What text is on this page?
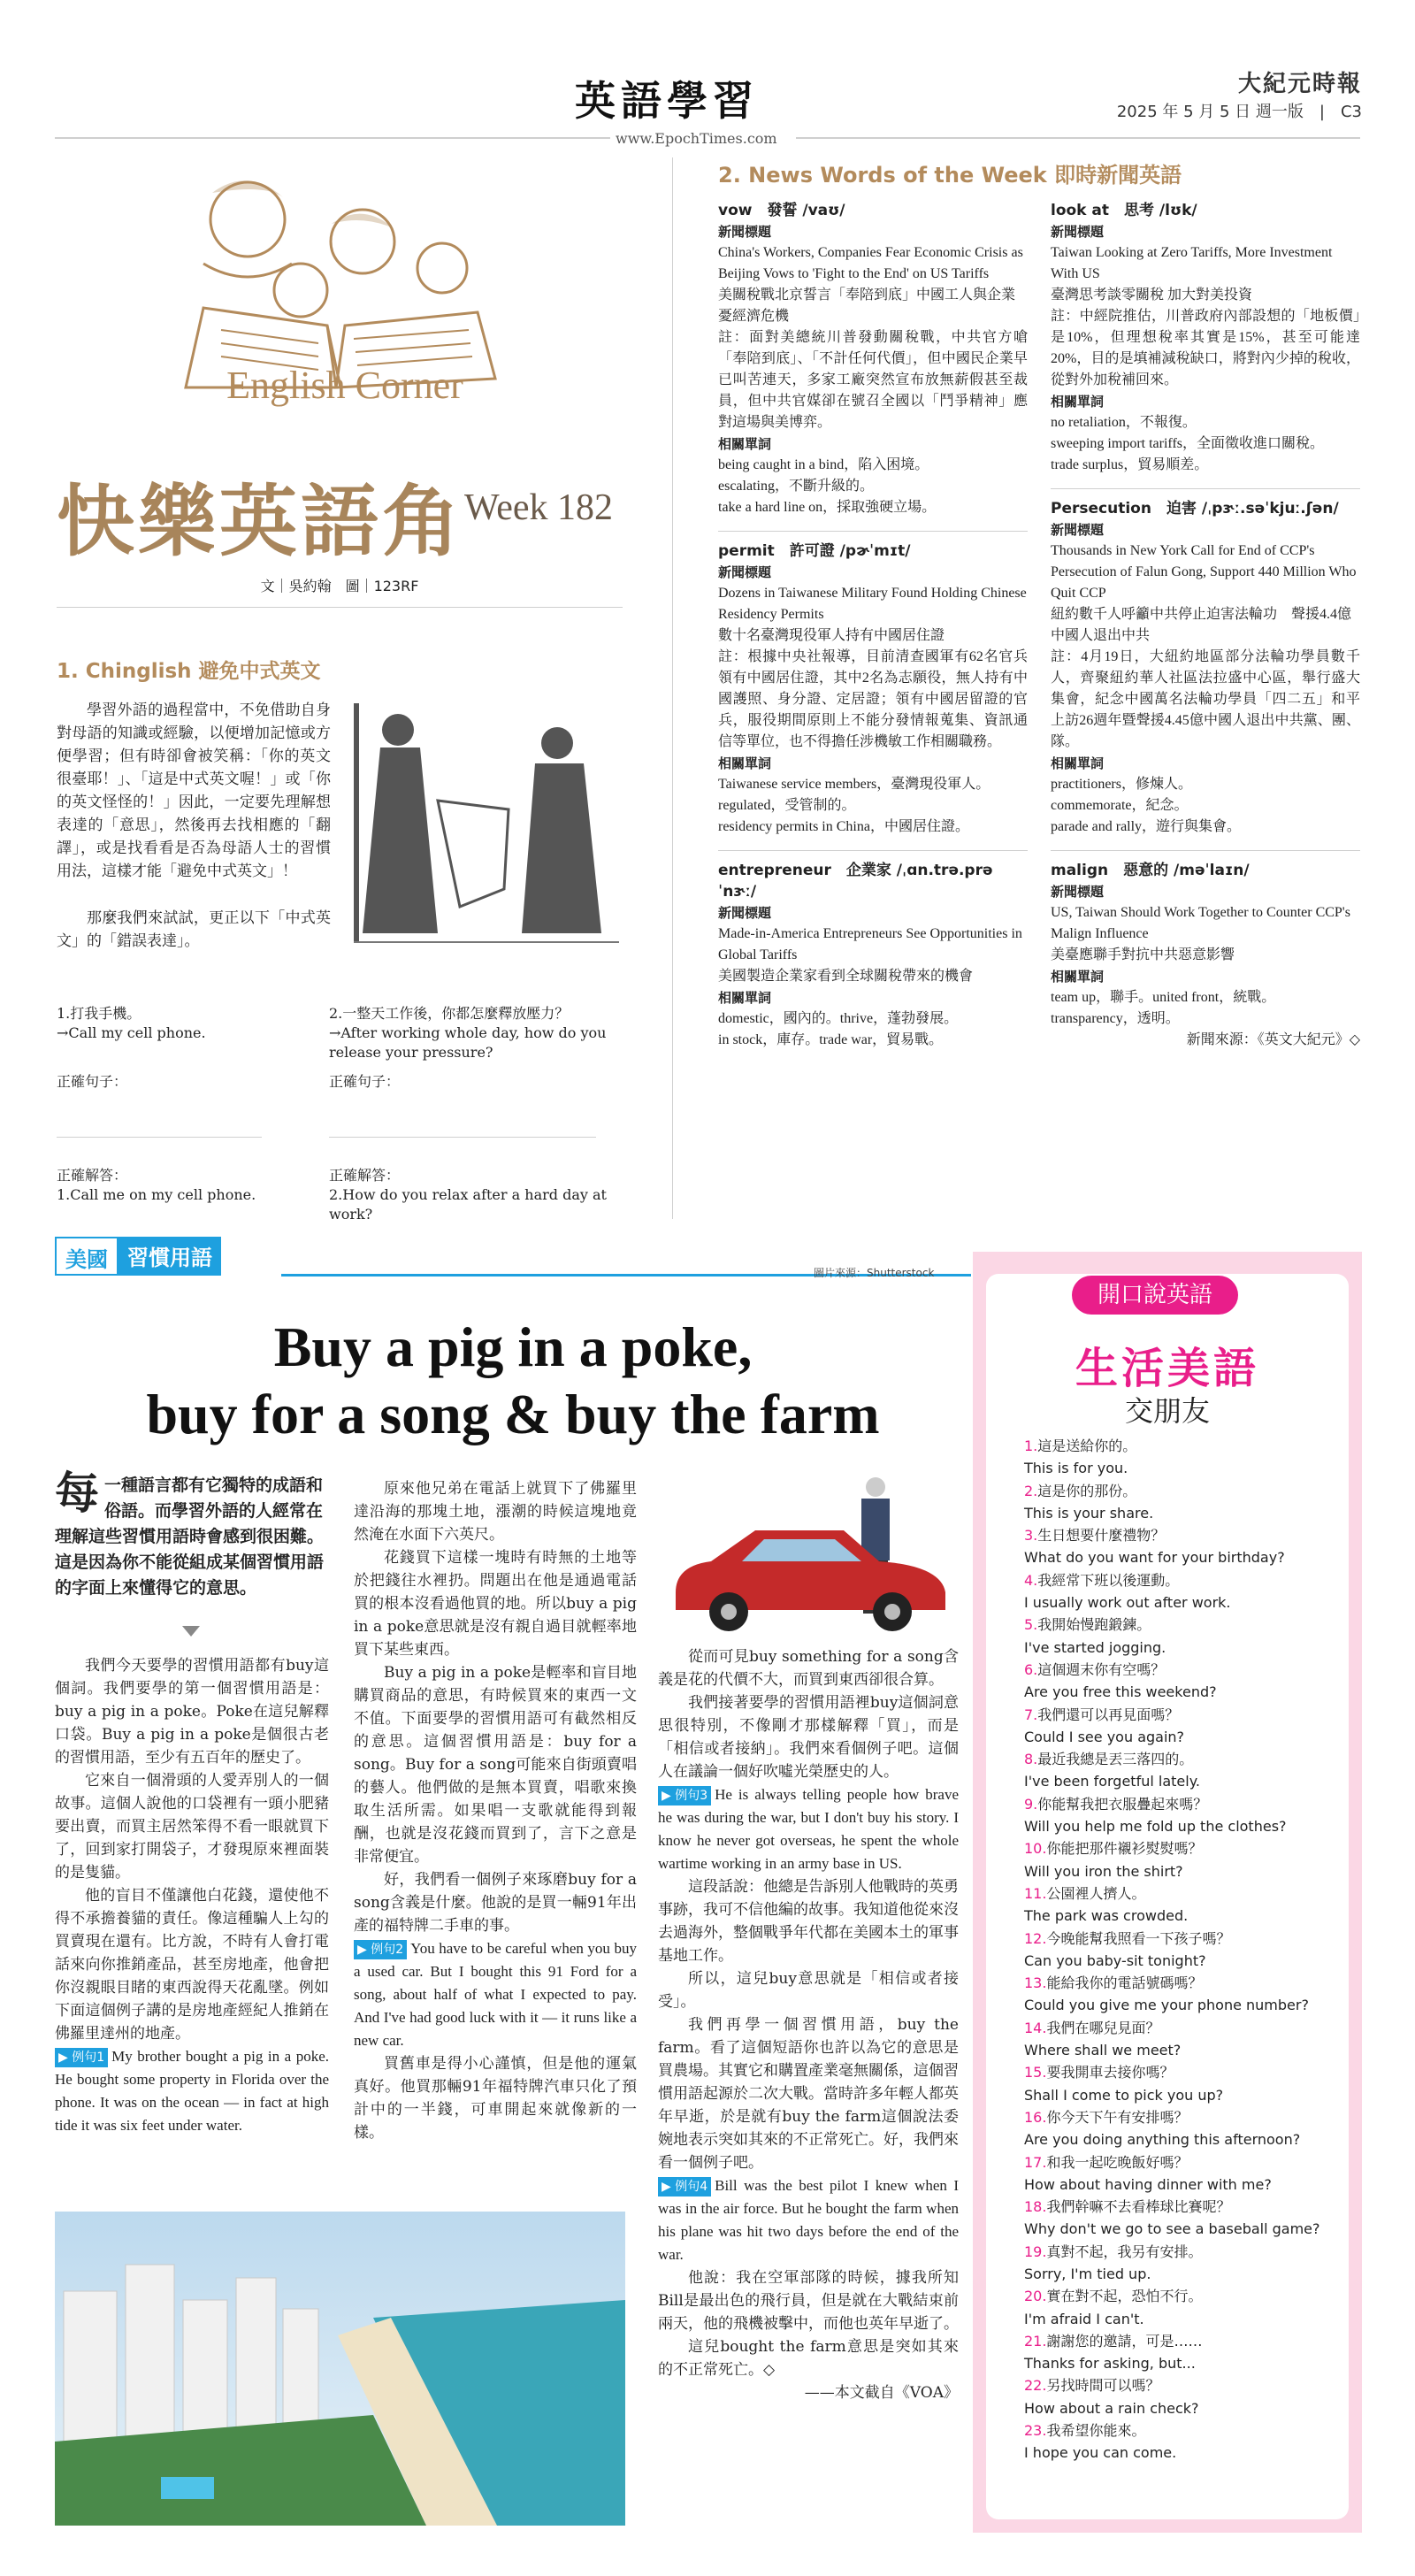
英語學習
www.EpochTimes.com
大紀元時報
2025 年 5 月 5 日 週一版　|　C3
English Corner
快樂英語角 Week 182
文｜吳約翰　圖｜123RF
1. Chinglish 避免中式英文
學習外語的過程當中，不免借助自身對母語的知識或經驗，以便增加記憶或方便學習；但有時卻會被笑稱：「你的英文很臺耶！」、「這是中式英文喔！」或「你的英文怪怪的！」因此，一定要先理解想表達的「意思」，然後再去找相應的「翻譯」，或是找看看是否為母語人士的習慣用法，這樣才能「避免中式英文」！
那麼我們來試試，更正以下「中式英文」的「錯誤表達」。
1.打我手機。
→Call my cell phone.
2.一整天工作後，你都怎麼釋放壓力？
→After working whole day, how do you release your pressure?
正確句子：	正確句子：
正確解答：
1.Call me on my cell phone.
正確解答：
2.How do you relax after a hard day at work?
2. News Words of the Week 即時新聞英語
vow　發誓 /vaʊ/
新聞標題
China's Workers, Companies Fear Economic Crisis as Beijing Vows to 'Fight to the End' on US Tariffs
美關稅戰北京誓言「奉陪到底」中國工人與企業憂經濟危機
註：面對美總統川普發動關稅戰，中共官方嗆「奉陪到底」、「不計任何代價」，但中國民企業早已叫苦連天，多家工廠突然宣布放無薪假甚至裁員，但中共官媒卻在號召全國以「鬥爭精神」應對這場與美博弈。
相關單詞
being caught in a bind，陷入困境。
escalating，不斷升級的。
take a hard line on，採取強硬立場。
permit　許可證 /pɚˈmɪt/
新聞標題
Dozens in Taiwanese Military Found Holding Chinese Residency Permits
數十名臺灣現役軍人持有中國居住證
註：根據中央社報導，目前清查國軍有62名官兵領有中國居住證，其中2名為志願役，無人持有中國護照、身分證、定居證；領有中國居留證的官兵，服役期間原則上不能分發情報蒐集、資訊通信等單位，也不得擔任涉機敏工作相關職務。
相關單詞
Taiwanese service members，臺灣現役軍人。regulated，受管制的。
residency permits in China，中國居住證。
entrepreneur　企業家 /ˌɑn.trə.prəˈnɝː/
新聞標題
Made-in-America Entrepreneurs See Opportunities in Global Tariffs
美國製造企業家看到全球關稅帶來的機會
相關單詞
domestic，國內的。thrive，蓬勃發展。
in stock，庫存。trade war，貿易戰。
look at　思考 /lʊk/
新聞標題
Taiwan Looking at Zero Tariffs, More Investment With US
臺灣思考談零關稅 加大對美投資
註：中經院推估，川普政府內部設想的「地板價」是10%，但理想稅率其實是15%，甚至可能達20%，目的是填補減稅缺口，將對內少掉的稅收，從對外加稅補回來。
相關單詞
no retaliation，不報復。
sweeping import tariffs，全面徵收進口關稅。
trade surplus，貿易順差。
Persecution　迫害 /ˌpɝː.səˈkjuː.ʃən/
新聞標題
Thousands in New York Call for End of CCP's Persecution of Falun Gong, Support 440 Million Who Quit CCP
紐約數千人呼籲中共停止迫害法輪功　聲援4.4億中國人退出中共
註：4月19日，大紐約地區部分法輪功學員數千人，齊聚紐約華人社區法拉盛中心區，舉行盛大集會，紀念中國萬名法輪功學員「四二五」和平上訪26週年暨聲援4.45億中國人退出中共黨、團、隊。
相關單詞
practitioners，修煉人。
commemorate，紀念。
parade and rally，遊行與集會。
malign　惡意的 /məˈlaɪn/
新聞標題
US, Taiwan Should Work Together to Counter CCP's Malign Influence
美臺應聯手對抗中共惡意影響
相關單詞
team up，聯手。united front，統戰。
transparency，透明。
新聞來源：《英文大紀元》◇
美國 習慣用語
圖片來源：Shutterstock
Buy a pig in a poke,
buy for a song & buy the farm
每 一種語言都有它獨特的成語和俗語。而學習外語的人經常在理解這些習慣用語時會感到很困難。這是因為你不能從組成某個習慣用語的字面上來懂得它的意思。
我們今天要學的習慣用語都有buy這個詞。我們要學的第一個習慣用語是：buy a pig in a poke。Poke在這兒解釋口袋。Buy a pig in a poke是個很古老的習慣用語，至少有五百年的歷史了。
它來自一個滑頭的人愛弄別人的一個故事。這個人說他的口袋裡有一頭小肥豬要出賣，而買主居然笨得不看一眼就買下了，回到家打開袋子，才發現原來裡面裝的是隻貓。
他的盲目不僅讓他白花錢，還使他不得不承擔養貓的責任。像這種騙人上勾的買賣現在還有。比方說，不時有人會打電話來向你推銷產品，甚至房地產，他會把你沒親眼目睹的東西說得天花亂墜。例如下面這個例子講的是房地產經紀人推銷在佛羅里達州的地產。
▶ 例句1 My brother bought a pig in a poke. He bought some property in Florida over the phone. It was on the ocean — in fact at high tide it was six feet under water.
原來他兄弟在電話上就買下了佛羅里達沿海的那塊土地，漲潮的時候這塊地竟然淹在水面下六英尺。
花錢買下這樣一塊時有時無的土地等於把錢往水裡扔。問題出在他是通過電話買的根本沒看過他買的地。所以buy a pig in a poke意思就是沒有親自過目就輕率地買下某些東西。
Buy a pig in a poke是輕率和盲目地購買商品的意思，有時候買來的東西一文不值。下面要學的習慣用語可有截然相反的意思。這個習慣用語是：buy for a song。Buy for a song可能來自街頭賣唱的藝人。他們做的是無本買賣，唱歌來換取生活所需。如果唱一支歌就能得到報酬，也就是沒花錢而買到了，言下之意是非常便宜。
好，我們看一個例子來琢磨buy for a song含義是什麼。他說的是買一輛91年出產的福特牌二手車的事。
▶ 例句2 You have to be careful when you buy a used car. But I bought this 91 Ford for a song, about half of what I expected to pay. And I've had good luck with it — it runs like a new car.
買舊車是得小心謹慎，但是他的運氣真好。他買那輛91年福特牌汽車只化了預計中的一半錢，可車開起來就像新的一樣。
從而可見buy something for a song含義是花的代價不大，而買到東西卻很合算。
我們接著要學的習慣用語裡buy這個詞意思很特別，不像剛才那樣解釋「買」，而是「相信或者接納」。我們來看個例子吧。這個人在議論一個好吹噓光榮歷史的人。
▶ 例句3 He is always telling people how brave he was during the war, but I don't buy his story. I know he never got overseas, he spent the whole wartime working in an army base in US.
這段話說：他總是告訴別人他戰時的英勇事跡，我可不信他編的故事。我知道他從來沒去過海外，整個戰爭年代都在美國本土的軍事基地工作。
所以，這兒buy意思就是「相信或者接受」。
我們再學一個習慣用語，buy the farm。看了這個短語你也許以為它的意思是買農場。其實它和購置產業毫無關係，這個習慣用語起源於二次大戰。當時許多年輕人都英年早逝，於是就有buy the farm這個說法委婉地表示突如其來的不正常死亡。好，我們來看一個例子吧。
▶ 例句4 Bill was the best pilot I knew when I was in the air force. But he bought the farm when his plane was hit two days before the end of the war.
他說：我在空軍部隊的時候，據我所知Bill是最出色的飛行員，但是就在大戰結束前兩天，他的飛機被擊中，而他也英年早逝了。
這兒bought the farm意思是突如其來的不正常死亡。◇
——本文截自《VOA》
開口說英語
生活美語
交朋友
1.這是送給你的。
This is for you.
2.這是你的那份。
This is your share.
3.生日想要什麼禮物？
What do you want for your birthday?
4.我經常下班以後運動。
I usually work out after work.
5.我開始慢跑鍛鍊。
I've started jogging.
6.這個週末你有空嗎？
Are you free this weekend?
7.我們還可以再見面嗎？
Could I see you again?
8.最近我總是丟三落四的。
I've been forgetful lately.
9.你能幫我把衣服疊起來嗎？
Will you help me fold up the clothes?
10.你能把那件襯衫熨熨嗎？
Will you iron the shirt?
11.公園裡人擠人。
The park was crowded.
12.今晚能幫我照看一下孩子嗎？
Can you baby-sit tonight?
13.能給我你的電話號碼嗎？
Could you give me your phone number?
14.我們在哪兒見面？
Where shall we meet?
15.要我開車去接你嗎？
Shall I come to pick you up?
16.你今天下午有安排嗎？
Are you doing anything this afternoon?
17.和我一起吃晚飯好嗎？
How about having dinner with me?
18.我們幹嘛不去看棒球比賽呢？
Why don't we go to see a baseball game?
19.真對不起，我另有安排。
Sorry, I'm tied up.
20.實在對不起，恐怕不行。
I'm afraid I can't.
21.謝謝您的邀請，可是……
Thanks for asking, but...
22.另找時間可以嗎？
How about a rain check?
23.我希望你能來。
I hope you can come.
